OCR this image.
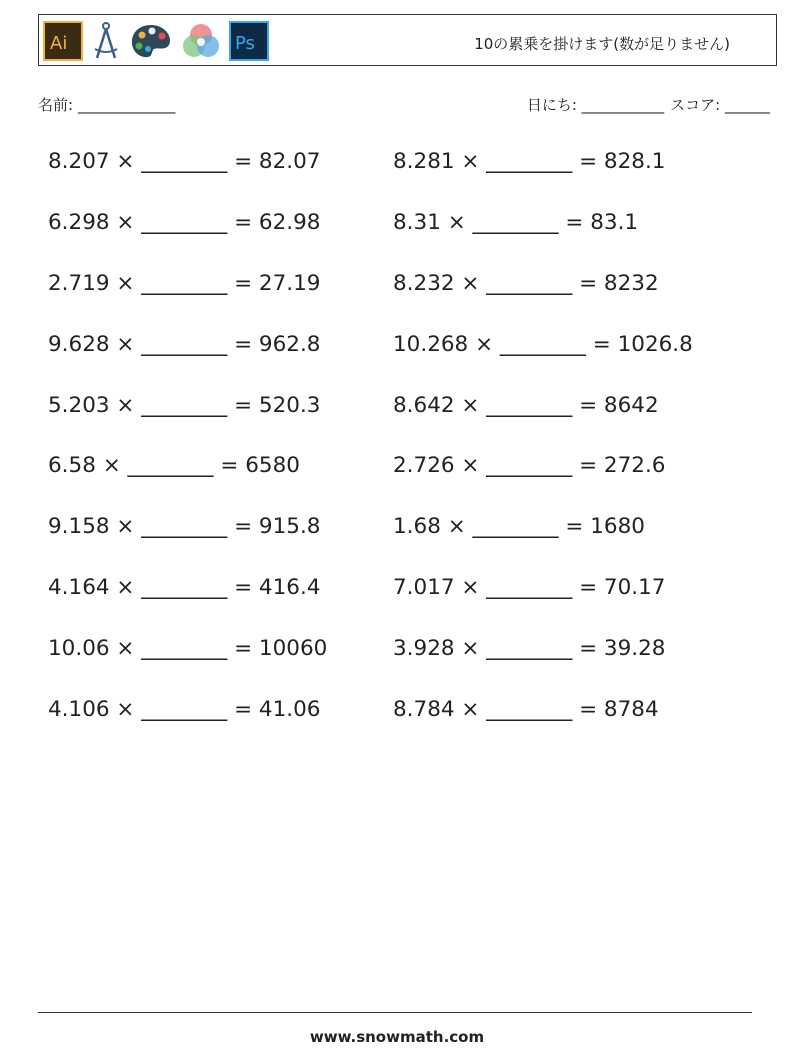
Ai	Ps	10の累乗を掛けます(数が足りません)
名前: _____________	日にち: ___________ スコア: ______
8.207 × ________ = 82.07
6.298 × ________ = 62.98
2.719 × ________ = 27.19
9.628 × ________ = 962.8
5.203 × ________ = 520.3
6.58 × ________ = 6580
9.158 × ________ = 915.8
4.164 × ________ = 416.4
10.06 × ________ = 10060
4.106 × ________ = 41.06
8.281 × ________ = 828.1
8.31 × ________ = 83.1
8.232 × ________ = 8232
10.268 × ________ = 1026.8
8.642 × ________ = 8642
2.726 × ________ = 272.6
1.68 × ________ = 1680
7.017 × ________ = 70.17
3.928 × ________ = 39.28
8.784 × ________ = 8784
www.snowmath.com
